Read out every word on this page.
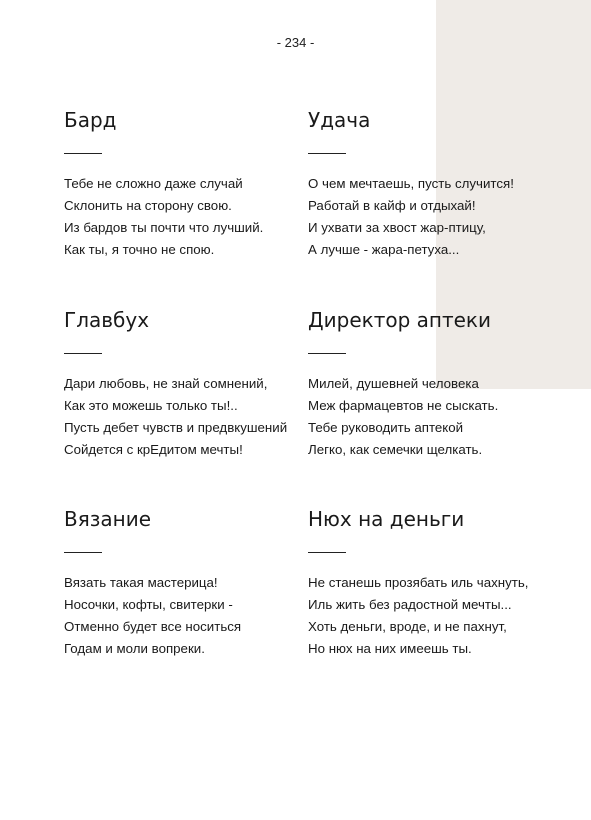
- 234 -
Бард
Тебе не сложно даже случай
Склонить на сторону свою.
Из бардов ты почти что лучший.
Как ты, я точно не спою.
Удача
О чем мечтаешь, пусть случится!
Работай в кайф и отдыхай!
И ухвати за хвост жар-птицу,
А лучше - жара-петуха...
Главбух
Дари любовь, не знай сомнений,
Как это можешь только ты!..
Пусть дебет чувств и предвкушений
Сойдется с крЕдитом мечты!
Директор аптеки
Милей, душевней человека
Меж фармацевтов не сыскать.
Тебе руководить аптекой
Легко, как семечки щелкать.
Вязание
Вязать такая мастерица!
Носочки, кофты, свитерки -
Отменно будет все носиться
Годам и моли вопреки.
Нюх на деньги
Не станешь прозябать иль чахнуть,
Иль жить без радостной мечты...
Хоть деньги, вроде, и не пахнут,
Но нюх на них имеешь ты.
